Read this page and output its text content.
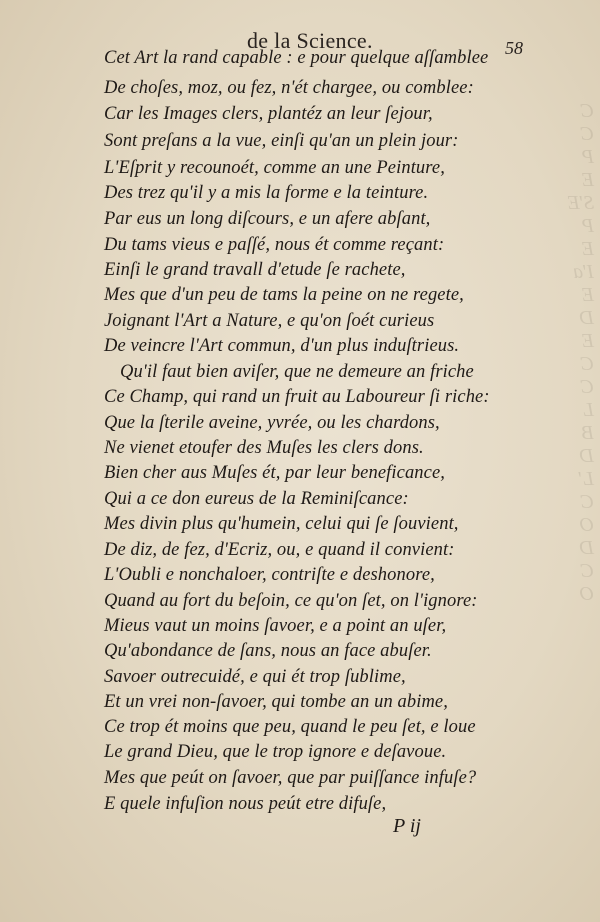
C
C
P
E
S'E
P
E
I'a
E
D
E
C
C
L
B
D
L'
C
O
D
C
O
de la Science.	58
Cet Art la rand capable : e pour quelque aſſamblee
De choſes, moz, ou fez, n'ét chargee, ou comblee:
Car les Images clers, plantéz an leur ſejour,
Sont preſans a la vue, einſi qu'an un plein jour:
L'Eſprit y recounoét, comme an une Peinture,
Des trez qu'il y a mis la forme e la teinture.
Par eus un long diſcours, e un afere abſant,
Du tams vieus e paſſé, nous ét comme reçant:
Einſi le grand travall d'etude ſe rachete,
Mes que d'un peu de tams la peine on ne regete,
Joignant l'Art a Nature, e qu'on ſoét curieus
De veincre l'Art commun, d'un plus induſtrieus.
Qu'il faut bien aviſer, que ne demeure an friche
Ce Champ, qui rand un fruit au Laboureur ſi riche:
Que la ſterile aveine, yvrée, ou les chardons,
Ne vienet etoufer des Muſes les clers dons.
Bien cher aus Muſes ét, par leur beneficance,
Qui a ce don eureus de la Reminiſcance:
Mes divin plus qu'humein, celui qui ſe ſouvient,
De diz, de fez, d'Ecriz, ou, e quand il convient:
L'Oubli e nonchaloer, contriſte e deshonore,
Quand au fort du beſoin, ce qu'on ſet, on l'ignore:
Mieus vaut un moins ſavoer, e a point an uſer,
Qu'abondance de ſans, nous an face abuſer.
Savoer outrecuidé, e qui ét trop ſublime,
Et un vrei non-ſavoer, qui tombe an un abime,
Ce trop ét moins que peu, quand le peu ſet, e loue
Le grand Dieu, que le trop ignore e deſavoue.
Mes que peút on ſavoer, que par puiſſance infuſe?
E quele infuſion nous peút etre difuſe,
P ij
